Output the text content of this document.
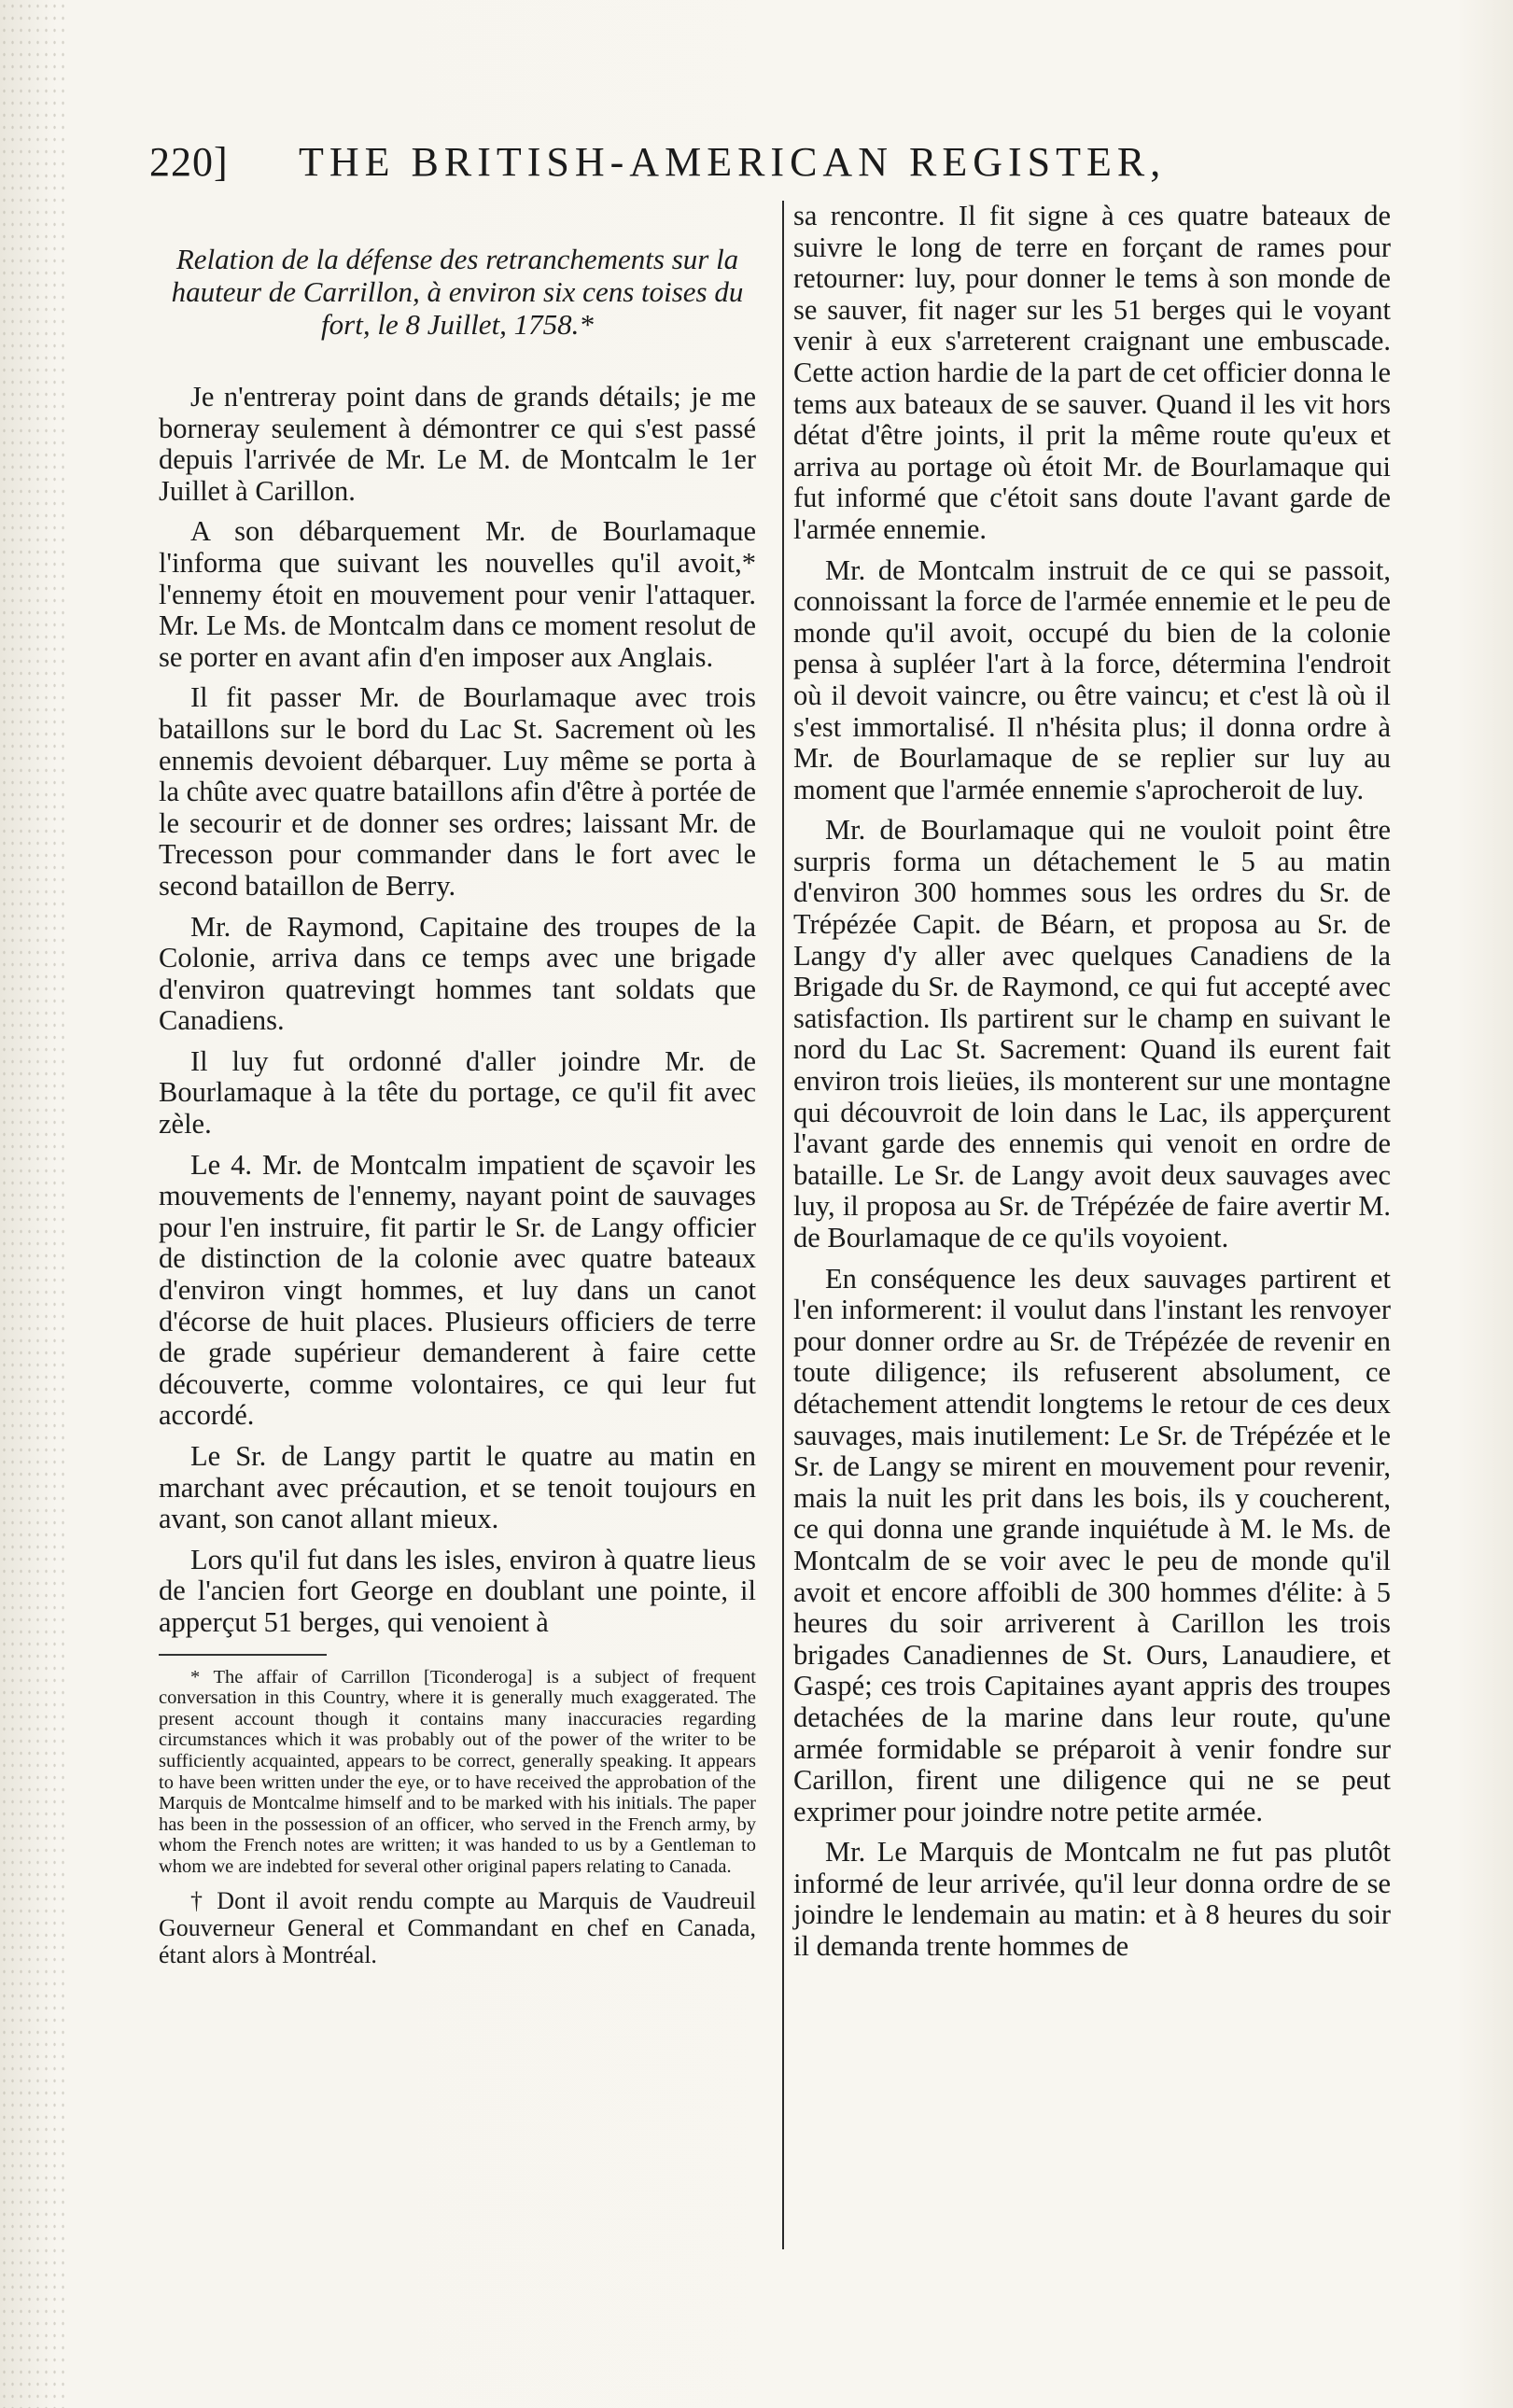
220] THE BRITISH-AMERICAN REGISTER,
Relation de la défense des retranchements sur la hauteur de Carrillon, à environ six cens toises du fort, le 8 Juillet, 1758.*

Je n'entreray point dans de grands détails; je me borneray seulement à démontrer ce qui s'est passé depuis l'arrivée de Mr. Le M. de Montcalm le 1er Juillet à Carillon.

A son débarquement Mr. de Bourlamaque l'informa que suivant les nouvelles qu'il avoit,* l'ennemy étoit en mouvement pour venir l'attaquer. Mr. Le Ms. de Montcalm dans ce moment resolut de se porter en avant afin d'en imposer aux Anglais.

Il fit passer Mr. de Bourlamaque avec trois bataillons sur le bord du Lac St. Sacrement où les ennemis devoient débarquer. Luy même se porta à la chûte avec quatre bataillons afin d'être à portée de le secourir et de donner ses ordres; laissant Mr. de Trecesson pour commander dans le fort avec le second bataillon de Berry.

Mr. de Raymond, Capitaine des troupes de la Colonie, arriva dans ce temps avec une brigade d'environ quatrevingt hommes tant soldats que Canadiens.

Il luy fut ordonné d'aller joindre Mr. de Bourlamaque à la tête du portage, ce qu'il fit avec zèle.

Le 4. Mr. de Montcalm impatient de sçavoir les mouvements de l'ennemy, nayant point de sauvages pour l'en instruire, fit partir le Sr. de Langy officier de distinction de la colonie avec quatre bateaux d'environ vingt hommes, et luy dans un canot d'écorse de huit places. Plusieurs officiers de terre de grade supérieur demanderent à faire cette découverte, comme volontaires, ce qui leur fut accordé.

Le Sr. de Langy partit le quatre au matin en marchant avec précaution, et se tenoit toujours en avant, son canot allant mieux.

Lors qu'il fut dans les isles, environ à quatre lieus de l'ancien fort George en doublant une pointe, il apperçut 51 berges, qui venoient à

* The affair of Carrillon [Ticonderoga] is a subject of frequent conversation in this Country, where it is generally much exaggerated. The present account though it contains many inaccuracies regarding circumstances which it was probably out of the power of the writer to be sufficiently acquainted, appears to be correct, generally speaking. It appears to have been written under the eye, or to have received the approbation of the Marquis de Montcalme himself and to be marked with his initials. The paper has been in the possession of an officer, who served in the French army, by whom the French notes are written; it was handed to us by a Gentleman to whom we are indebted for several other original papers relating to Canada.

† Dont il avoit rendu compte au Marquis de Vaudreuil Gouverneur General et Commandant en chef en Canada, étant alors à Montréal.

sa rencontre. Il fit signe à ces quatre bateaux de suivre le long de terre en forçant de rames pour retourner: luy, pour donner le tems à son monde de se sauver, fit nager sur les 51 berges qui le voyant venir à eux s'arreterent craignant une embuscade. Cette action hardie de la part de cet officier donna le tems aux bateaux de se sauver. Quand il les vit hors détat d'être joints, il prit la même route qu'eux et arriva au portage où étoit Mr. de Bourlamaque qui fut informé que c'étoit sans doute l'avant garde de l'armée ennemie.

Mr. de Montcalm instruit de ce qui se passoit, connoissant la force de l'armée ennemie et le peu de monde qu'il avoit, occupé du bien de la colonie pensa à supléer l'art à la force, détermina l'endroit où il devoit vaincre, ou être vaincu; et c'est là où il s'est immortalisé. Il n'hésita plus; il donna ordre à Mr. de Bourlamaque de se replier sur luy au moment que l'armée ennemie s'aprocheroit de luy.

Mr. de Bourlamaque qui ne vouloit point être surpris forma un détachement le 5 au matin d'environ 300 hommes sous les ordres du Sr. de Trépézée Capit. de Béarn, et proposa au Sr. de Langy d'y aller avec quelques Canadiens de la Brigade du Sr. de Raymond, ce qui fut accepté avec satisfaction. Ils partirent sur le champ en suivant le nord du Lac St. Sacrement: Quand ils eurent fait environ trois lieües, ils monterent sur une montagne qui découvroit de loin dans le Lac, ils apperçurent l'avant garde des ennemis qui venoit en ordre de bataille. Le Sr. de Langy avoit deux sauvages avec luy, il proposa au Sr. de Trépézée de faire avertir M. de Bourlamaque de ce qu'ils voyoient.

En conséquence les deux sauvages partirent et l'en informerent: il voulut dans l'instant les renvoyer pour donner ordre au Sr. de Trépézée de revenir en toute diligence; ils refuserent absolument, ce détachement attendit longtems le retour de ces deux sauvages, mais inutilement: Le Sr. de Trépézée et le Sr. de Langy se mirent en mouvement pour revenir, mais la nuit les prit dans les bois, ils y coucherent, ce qui donna une grande inquiétude à M. le Ms. de Montcalm de se voir avec le peu de monde qu'il avoit et encore affoibli de 300 hommes d'élite: à 5 heures du soir arriverent à Carillon les trois brigades Canadiennes de St. Ours, Lanaudiere, et Gaspé; ces trois Capitaines ayant appris des troupes detachées de la marine dans leur route, qu'une armée formidable se préparoit à venir fondre sur Carillon, firent une diligence qui ne se peut exprimer pour joindre notre petite armée.

Mr. Le Marquis de Montcalm ne fut pas plutôt informé de leur arrivée, qu'il leur donna ordre de se joindre le lendemain au matin: et à 8 heures du soir il demanda trente hommes de
